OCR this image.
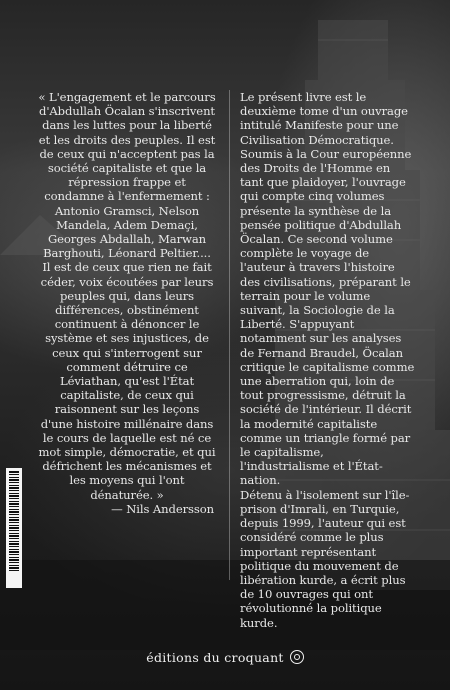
« L'engagement et le parcours d'Abdullah Öcalan s'inscrivent dans les luttes pour la liberté et les droits des peuples. Il est de ceux qui n'acceptent pas la société capitaliste et que la répression frappe et condamne à l'enfermement : Antonio Gramsci, Nelson Mandela, Adem Demaçi, Georges Abdallah, Marwan Barghouti, Léonard Peltier.... Il est de ceux que rien ne fait céder, voix écoutées par leurs peuples qui, dans leurs différences, obstinément continuent à dénoncer le système et ses injustices, de ceux qui s'interrogent sur comment détruire ce Léviathan, qu'est l'État capitaliste, de ceux qui raisonnent sur les leçons d'une histoire millénaire dans le cours de laquelle est né ce mot simple, démocratie, et qui défrichent les mécanismes et les moyens qui l'ont dénaturée. »

— Nils Andersson

Le présent livre est le deuxième tome d'un ouvrage intitulé Manifeste pour une Civilisation Démocratique. Soumis à la Cour européenne des Droits de l'Homme en tant que plaidoyer, l'ouvrage qui compte cinq volumes présente la synthèse de la pensée politique d'Abdullah Öcalan. Ce second volume complète le voyage de l'auteur à travers l'histoire des civilisations, préparant le terrain pour le volume suivant, la Sociologie de la Liberté. S'appuyant notamment sur les analyses de Fernand Braudel, Öcalan critique le capitalisme comme une aberration qui, loin de tout progressisme, détruit la société de l'intérieur. Il décrit la modernité capitaliste comme un triangle formé par le capitalisme, l'industrialisme et l'État-nation.

Détenu à l'isolement sur l'île-prison d'Imrali, en Turquie, depuis 1999, l'auteur qui est considéré comme le plus important représentant politique du mouvement de libération kurde, a écrit plus de 10 ouvrages qui ont révolutionné la politique kurde.

éditions du croquant
